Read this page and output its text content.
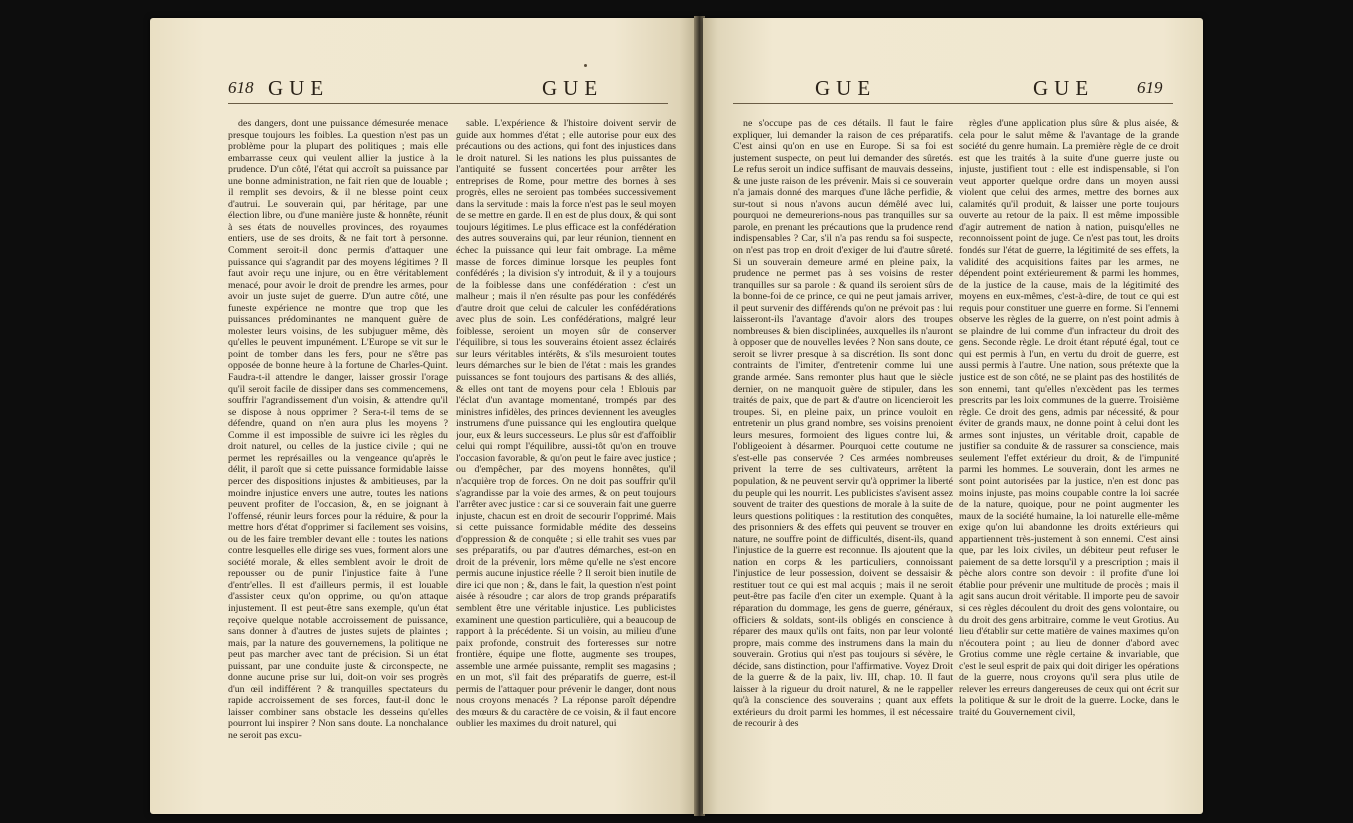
618 GUE	GUE

des dangers, dont une puissance démesurée menace presque toujours les foibles. La question n'est pas un problème pour la plupart des politiques ; mais elle embarrasse ceux qui veulent allier la justice à la prudence. D'un côté, l'état qui accroît sa puissance par une bonne administration, ne fait rien que de louable ; il remplit ses devoirs, & il ne blesse point ceux d'autrui. Le souverain qui, par héritage, par une élection libre, ou d'une manière juste & honnête, réunit à ses états de nouvelles provinces, des royaumes entiers, use de ses droits, & ne fait tort à personne. Comment seroit-il donc permis d'attaquer une puissance qui s'agrandit par des moyens légitimes ? Il faut avoir reçu une injure, ou en être véritablement menacé, pour avoir le droit de prendre les armes, pour avoir un juste sujet de guerre. D'un autre côté, une funeste expérience ne montre que trop que les puissances prédominantes ne manquent guère de molester leurs voisins, de les subjuguer même, dès qu'elles le peuvent impunément. L'Europe se vit sur le point de tomber dans les fers, pour ne s'être pas opposée de bonne heure à la fortune de Charles-Quint. Faudra-t-il attendre le danger, laisser grossir l'orage qu'il seroit facile de dissiper dans ses commencemens, souffrir l'agrandissement d'un voisin, & attendre qu'il se dispose à nous opprimer ? Sera-t-il tems de se défendre, quand on n'en aura plus les moyens ? Comme il est impossible de suivre ici les règles du droit naturel, ou celles de la justice civile ; qui ne permet les représailles ou la vengeance qu'après le délit, il paroît que si cette puissance formidable laisse percer des dispositions injustes & ambitieuses, par la moindre injustice envers une autre, toutes les nations peuvent profiter de l'occasion, &, en se joignant à l'offensé, réunir leurs forces pour la réduire, & pour la mettre hors d'état d'opprimer si facilement ses voisins, ou de les faire trembler devant elle : toutes les nations contre lesquelles elle dirige ses vues, forment alors une société morale, & elles semblent avoir le droit de repousser ou de punir l'injustice faite à l'une d'entr'elles. Il est d'ailleurs permis, il est louable d'assister ceux qu'on opprime, ou qu'on attaque injustement. Il est peut-être sans exemple, qu'un état reçoive quelque notable accroissement de puissance, sans donner à d'autres de justes sujets de plaintes ; mais, par la nature des gouvernemens, la politique ne peut pas marcher avec tant de précision. Si un état puissant, par une conduite juste & circonspecte, ne donne aucune prise sur lui, doit-on voir ses progrès d'un œil indifférent ? & tranquilles spectateurs du rapide accroissement de ses forces, faut-il donc le laisser combiner sans obstacle les desseins qu'elles pourront lui inspirer ? Non sans doute. La nonchalance ne seroit pas excu-

sable. L'expérience & l'histoire doivent servir de guide aux hommes d'état ; elle autorise pour eux des précautions ou des actions, qui font des injustices dans le droit naturel. Si les nations les plus puissantes de l'antiquité se fussent concertées pour arrêter les entreprises de Rome, pour mettre des bornes à ses progrès, elles ne seroient pas tombées successivement dans la servitude : mais la force n'est pas le seul moyen de se mettre en garde. Il en est de plus doux, & qui sont toujours légitimes. Le plus efficace est la confédération des autres souverains qui, par leur réunion, tiennent en échec la puissance qui leur fait ombrage. La même masse de forces diminue lorsque les peuples font confédérés ; la division s'y introduit, & il y a toujours de la foiblesse dans une confédération : c'est un malheur ; mais il n'en résulte pas pour les confédérés d'autre droit que celui de calculer les confédérations avec plus de soin. Les confédérations, malgré leur foiblesse, seroient un moyen sûr de conserver l'équilibre, si tous les souverains étoient assez éclairés sur leurs véritables intérêts, & s'ils mesuroient toutes leurs démarches sur le bien de l'état : mais les grandes puissances se font toujours des partisans & des alliés, & elles ont tant de moyens pour cela ! Eblouis par l'éclat d'un avantage momentané, trompés par des ministres infidèles, des princes deviennent les aveugles instrumens d'une puissance qui les engloutira quelque jour, eux & leurs successeurs. Le plus sûr est d'affoiblir celui qui rompt l'équilibre, aussi-tôt qu'on en trouve l'occasion favorable, & qu'on peut le faire avec justice ; ou d'empêcher, par des moyens honnêtes, qu'il n'acquière trop de forces. On ne doit pas souffrir qu'il s'agrandisse par la voie des armes, & on peut toujours l'arrêter avec justice : car si ce souverain fait une guerre injuste, chacun est en droit de secourir l'opprimé. Mais si cette puissance formidable médite des desseins d'oppression & de conquête ; si elle trahit ses vues par ses préparatifs, ou par d'autres démarches, est-on en droit de la prévenir, lors même qu'elle ne s'est encore permis aucune injustice réelle ? Il seroit bien inutile de dire ici que non ; &, dans le fait, la question n'est point aisée à résoudre ; car alors de trop grands préparatifs semblent être une véritable injustice. Les publicistes examinent une question particulière, qui a beaucoup de rapport à la précédente. Si un voisin, au milieu d'une paix profonde, construit des forteresses sur notre frontière, équipe une flotte, augmente ses troupes, assemble une armée puissante, remplit ses magasins ; en un mot, s'il fait des préparatifs de guerre, est-il permis de l'attaquer pour prévenir le danger, dont nous nous croyons menacés ? La réponse paroît dépendre des mœurs & du caractère de ce voisin, & il faut encore oublier les maximes du droit naturel, qui

GUE	GUE	619

ne s'occupe pas de ces détails. Il faut le faire expliquer, lui demander la raison de ces préparatifs. C'est ainsi qu'on en use en Europe. Si sa foi est justement suspecte, on peut lui demander des sûretés. Le refus seroit un indice suffisant de mauvais desseins, & une juste raison de les prévenir. Mais si ce souverain n'a jamais donné des marques d'une lâche perfidie, & sur-tout si nous n'avons aucun démêlé avec lui, pourquoi ne demeurerions-nous pas tranquilles sur sa parole, en prenant les précautions que la prudence rend indispensables ? Car, s'il n'a pas rendu sa foi suspecte, on n'est pas trop en droit d'exiger de lui d'autre sûreté. Si un souverain demeure armé en pleine paix, la prudence ne permet pas à ses voisins de rester tranquilles sur sa parole : & quand ils seroient sûrs de la bonne-foi de ce prince, ce qui ne peut jamais arriver, il peut survenir des différends qu'on ne prévoit pas : lui laisseront-ils l'avantage d'avoir alors des troupes nombreuses & bien disciplinées, auxquelles ils n'auront à opposer que de nouvelles levées ? Non sans doute, ce seroit se livrer presque à sa discrétion. Ils sont donc contraints de l'imiter, d'entretenir comme lui une grande armée. Sans remonter plus haut que le siècle dernier, on ne manquoit guère de stipuler, dans les traités de paix, que de part & d'autre on licencieroit les troupes. Si, en pleine paix, un prince vouloit en entretenir un plus grand nombre, ses voisins prenoient leurs mesures, formoient des ligues contre lui, & l'obligeoient à désarmer. Pourquoi cette coutume ne s'est-elle pas conservée ? Ces armées nombreuses privent la terre de ses cultivateurs, arrêtent la population, & ne peuvent servir qu'à opprimer la liberté du peuple qui les nourrit. Les publicistes s'avisent assez souvent de traiter des questions de morale à la suite de leurs questions politiques : la restitution des conquêtes, des prisonniers & des effets qui peuvent se trouver en nature, ne souffre point de difficultés, disent-ils, quand l'injustice de la guerre est reconnue. Ils ajoutent que la nation en corps & les particuliers, connoissant l'injustice de leur possession, doivent se dessaisir & restituer tout ce qui est mal acquis ; mais il ne seroit peut-être pas facile d'en citer un exemple. Quant à la réparation du dommage, les gens de guerre, généraux, officiers & soldats, sont-ils obligés en conscience à réparer des maux qu'ils ont faits, non par leur volonté propre, mais comme des instrumens dans la main du souverain. Grotius qui n'est pas toujours si sévère, le décide, sans distinction, pour l'affirmative. Voyez Droit de la guerre & de la paix, liv. III, chap. 10. Il faut laisser à la rigueur du droit naturel, & ne le rappeller qu'à la conscience des souverains ; quant aux effets extérieurs du droit parmi les hommes, il est nécessaire de recourir à des

règles d'une application plus sûre & plus aisée, & cela pour le salut même & l'avantage de la grande société du genre humain. La première règle de ce droit est que les traités à la suite d'une guerre juste ou injuste, justifient tout : elle est indispensable, si l'on veut apporter quelque ordre dans un moyen aussi violent que celui des armes, mettre des bornes aux calamités qu'il produit, & laisser une porte toujours ouverte au retour de la paix. Il est même impossible d'agir autrement de nation à nation, puisqu'elles ne reconnoissent point de juge. Ce n'est pas tout, les droits fondés sur l'état de guerre, la légitimité de ses effets, la validité des acquisitions faites par les armes, ne dépendent point extérieurement & parmi les hommes, de la justice de la cause, mais de la légitimité des moyens en eux-mêmes, c'est-à-dire, de tout ce qui est requis pour constituer une guerre en forme. Si l'ennemi observe les règles de la guerre, on n'est point admis à se plaindre de lui comme d'un infracteur du droit des gens. Seconde règle. Le droit étant réputé égal, tout ce qui est permis à l'un, en vertu du droit de guerre, est aussi permis à l'autre. Une nation, sous prétexte que la justice est de son côté, ne se plaint pas des hostilités de son ennemi, tant qu'elles n'excèdent pas les termes prescrits par les loix communes de la guerre. Troisième règle. Ce droit des gens, admis par nécessité, & pour éviter de grands maux, ne donne point à celui dont les armes sont injustes, un véritable droit, capable de justifier sa conduite & de rassurer sa conscience, mais seulement l'effet extérieur du droit, & de l'impunité parmi les hommes. Le souverain, dont les armes ne sont point autorisées par la justice, n'en est donc pas moins injuste, pas moins coupable contre la loi sacrée de la nature, quoique, pour ne point augmenter les maux de la société humaine, la loi naturelle elle-même exige qu'on lui abandonne les droits extérieurs qui appartiennent très-justement à son ennemi. C'est ainsi que, par les loix civiles, un débiteur peut refuser le paiement de sa dette lorsqu'il y a prescription ; mais il pèche alors contre son devoir : il profite d'une loi établie pour prévenir une multitude de procès ; mais il agit sans aucun droit véritable. Il importe peu de savoir si ces règles découlent du droit des gens volontaire, ou du droit des gens arbitraire, comme le veut Grotius. Au lieu d'établir sur cette matière de vaines maximes qu'on n'écoutera point ; au lieu de donner d'abord avec Grotius comme une règle certaine & invariable, que c'est le seul esprit de paix qui doit diriger les opérations de la guerre, nous croyons qu'il sera plus utile de relever les erreurs dangereuses de ceux qui ont écrit sur la politique & sur le droit de la guerre. Locke, dans le traité du Gouvernement civil,
